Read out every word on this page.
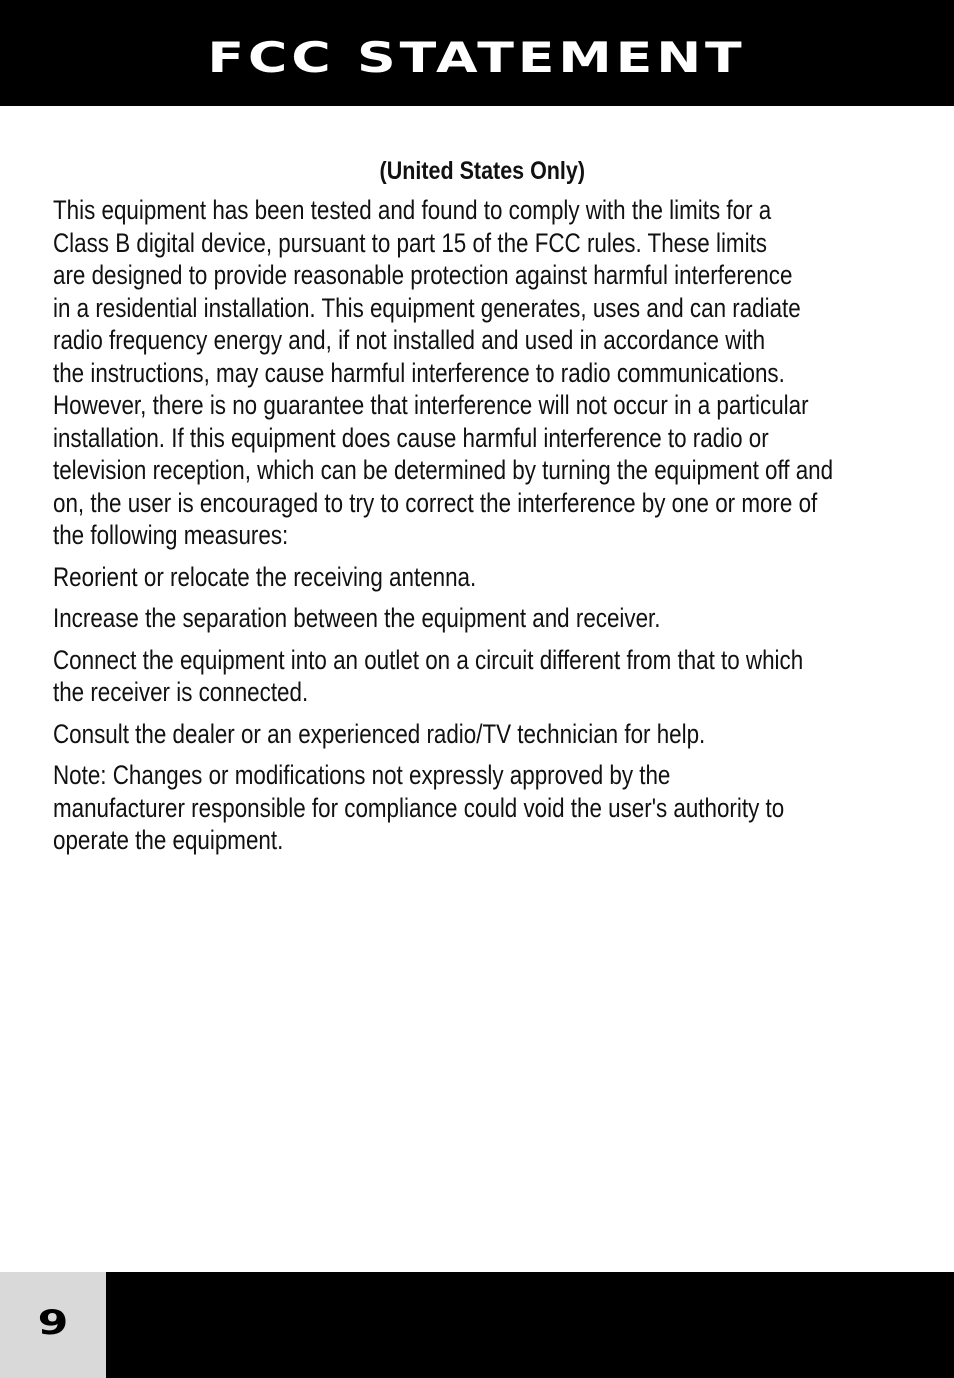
FCC STATEMENT
(United States Only)

This equipment has been tested and found to comply with the limits for a
Class B digital device, pursuant to part 15 of the FCC rules. These limits
are designed to provide reasonable protection against harmful interference
in a residential installation. This equipment generates, uses and can radiate
radio frequency energy and, if not installed and used in accordance with
the instructions, may cause harmful interference to radio communications.
However, there is no guarantee that interference will not occur in a particular
installation. If this equipment does cause harmful interference to radio or
television reception, which can be determined by turning the equipment off and
on, the user is encouraged to try to correct the interference by one or more of
the following measures:

Reorient or relocate the receiving antenna.

Increase the separation between the equipment and receiver.

Connect the equipment into an outlet on a circuit different from that to which
the receiver is connected.

Consult the dealer or an experienced radio/TV technician for help.

Note: Changes or modifications not expressly approved by the
manufacturer responsible for compliance could void the user's authority to
operate the equipment.

9
